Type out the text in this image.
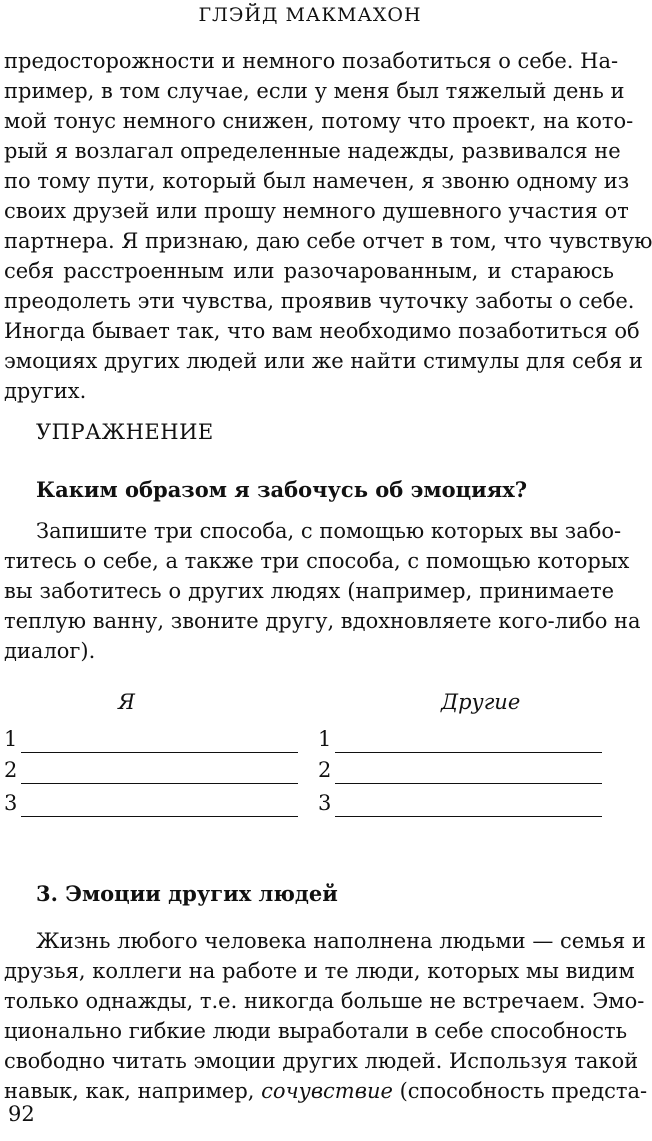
ГЛЭЙД МАКМАХОН
предосторожности и немного позаботиться о себе. На-
пример, в том случае, если у меня был тяжелый день и
мой тонус немного снижен, потому что проект, на кото-
рый я возлагал определенные надежды, развивался не
по тому пути, который был намечен, я звоню одному из
своих друзей или прошу немного душевного участия от
партнера. Я признаю, даю себе отчет в том, что чувствую
себя расстроенным или разочарованным, и стараюсь
преодолеть эти чувства, проявив чуточку заботы о себе.
Иногда бывает так, что вам необходимо позаботиться об
эмоциях других людей или же найти стимулы для себя и
других.
УПРАЖНЕНИЕ
Каким образом я забочусь об эмоциях?
Запишите три способа, с помощью которых вы забо-
титесь о себе, а также три способа, с помощью которых
вы заботитесь о других людях (например, принимаете
теплую ванну, звоните другу, вдохновляете кого-либо на
диалог).
Я	Другие
1
2
3
1
2
3
3. Эмоции других людей
Жизнь любого человека наполнена людьми — семья и
друзья, коллеги на работе и те люди, которых мы видим
только однажды, т.е. никогда больше не встречаем. Эмо-
ционально гибкие люди выработали в себе способность
свободно читать эмоции других людей. Используя такой
навык, как, например, сочувствие (способность предста-
92
